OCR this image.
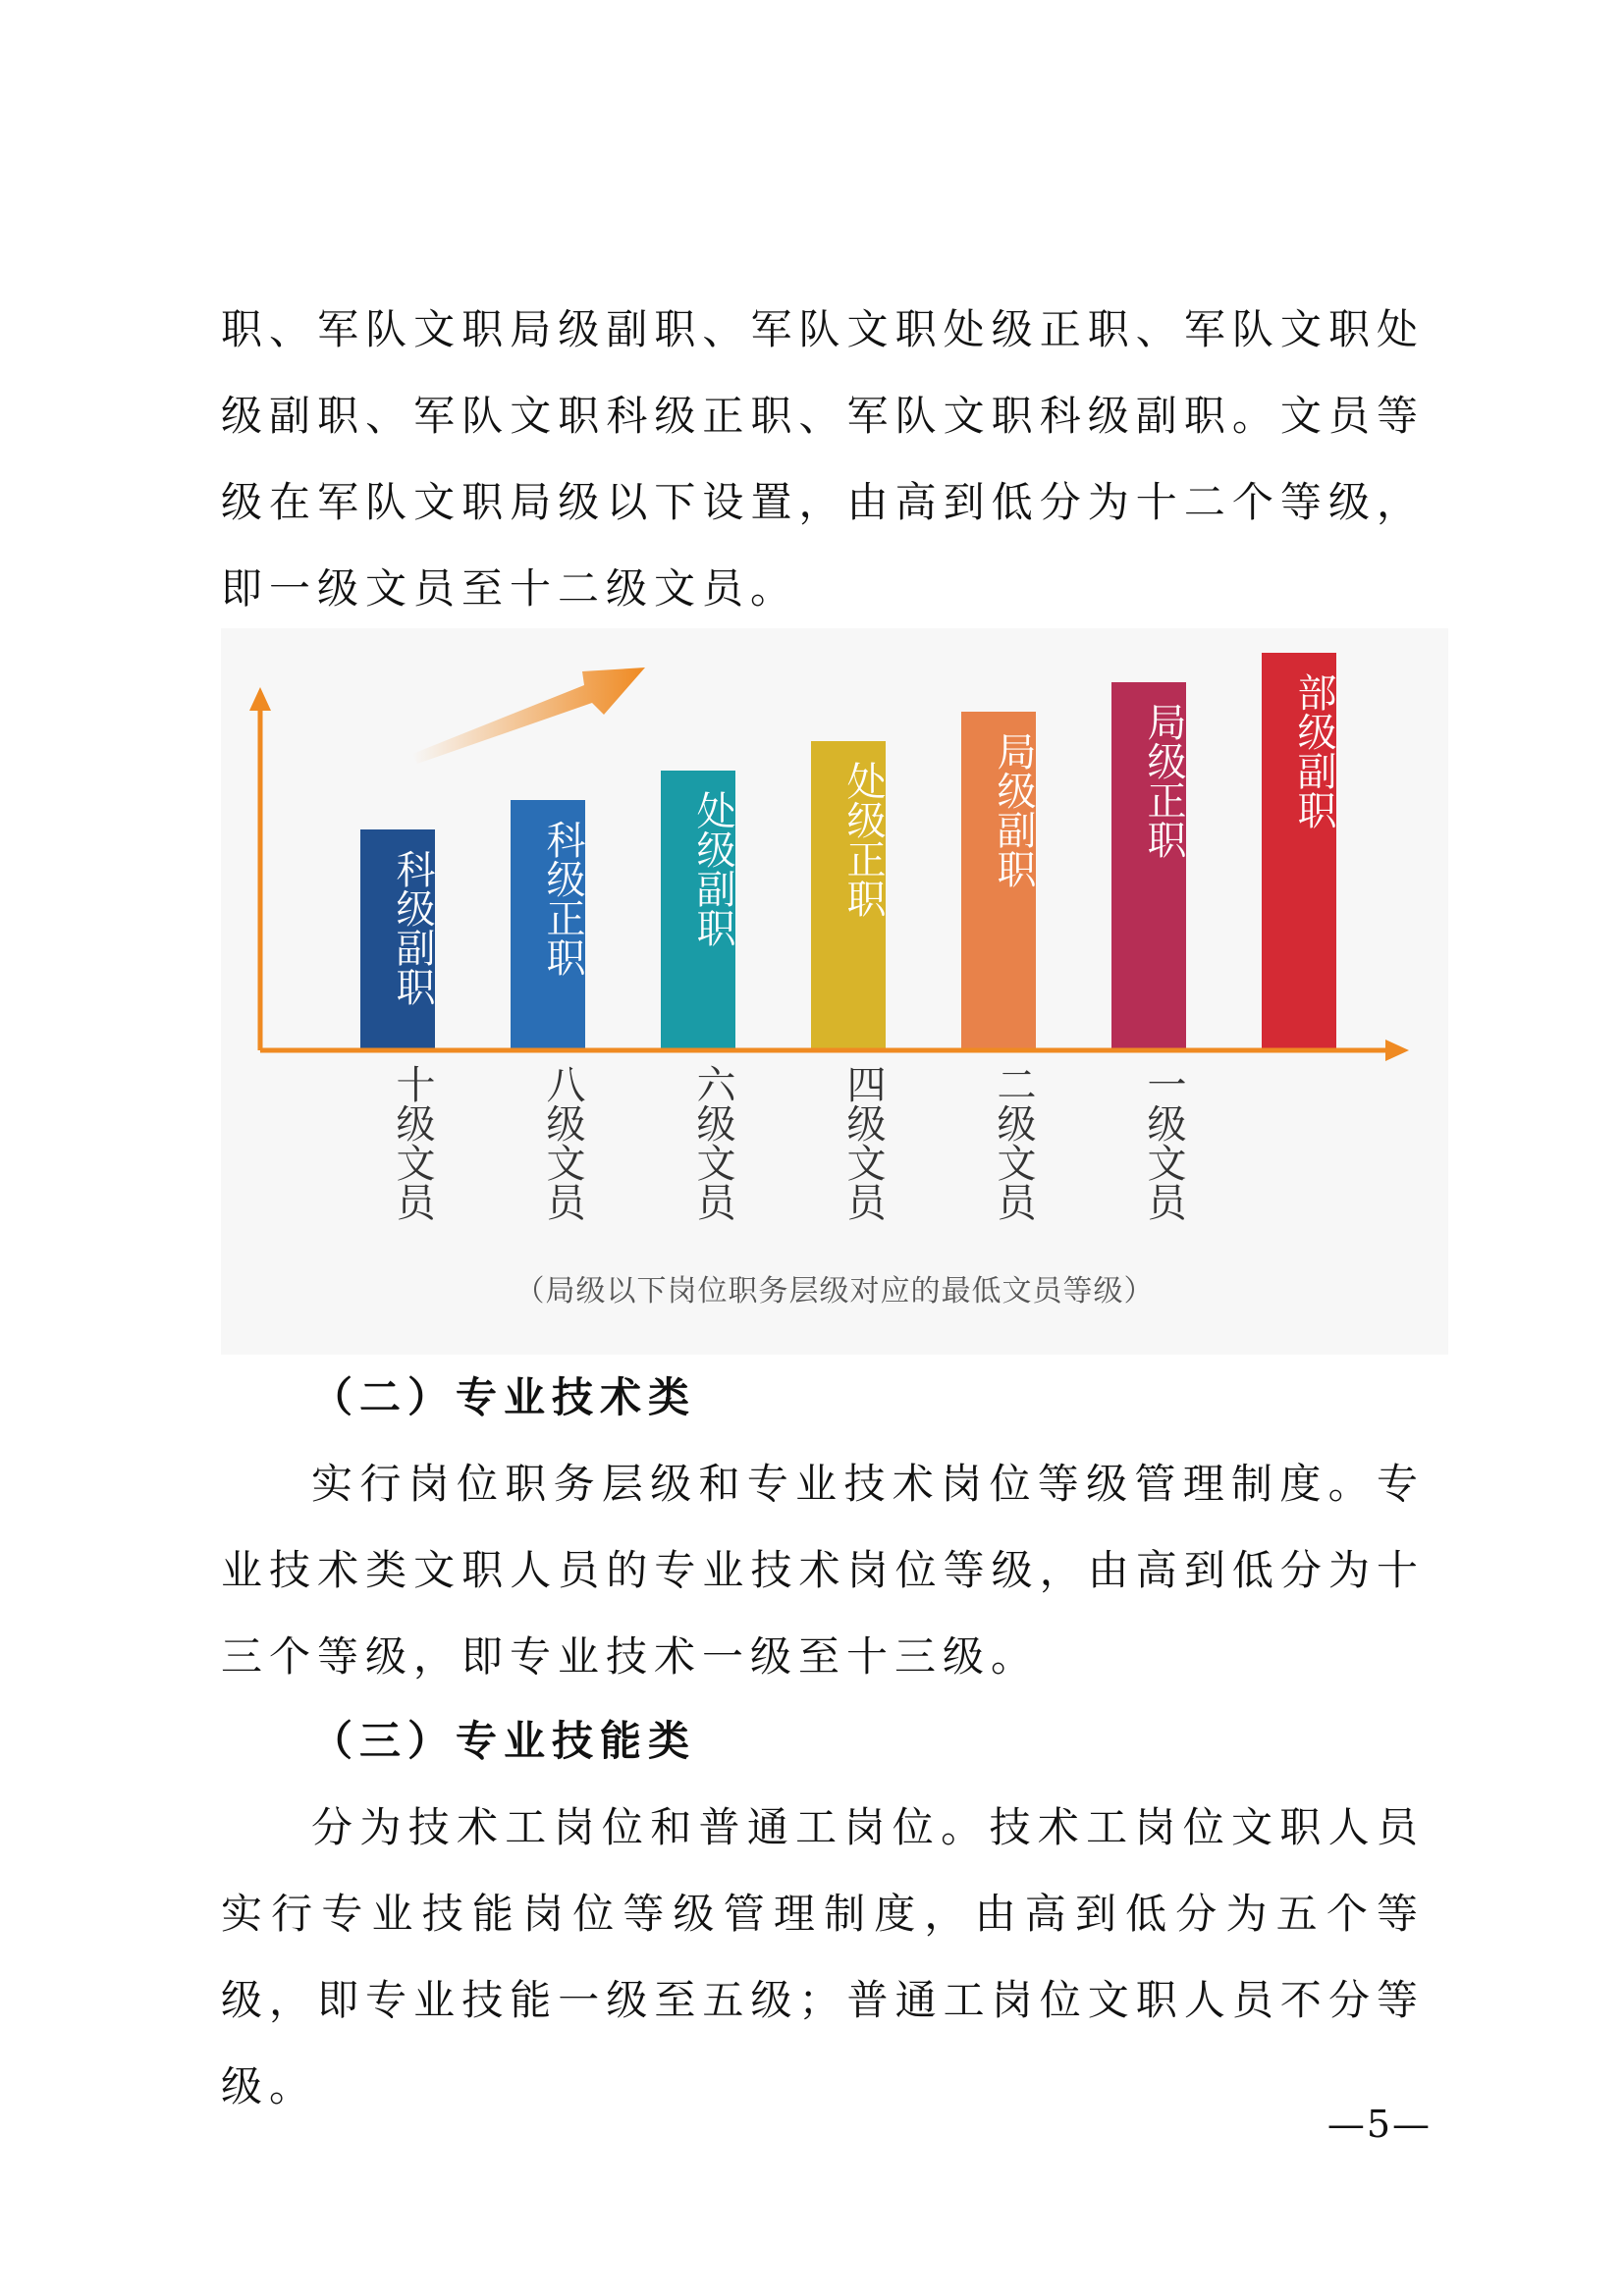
职、军队文职局级副职、军队文职处级正职、军队文职处级副职、军队文职科级正职、军队文职科级副职。文员等级在军队文职局级以下设置，由高到低分为十二个等级，即一级文员至十二级文员。

科级副职
十级文员
科级正职
八级文员
处级副职
六级文员
处级正职
四级文员
局级副职
二级文员
局级正职
一级文员
部级副职
（局级以下岗位职务层级对应的最低文员等级）

（二）专业技术类

实行岗位职务层级和专业技术岗位等级管理制度。专业技术类文职人员的专业技术岗位等级，由高到低分为十三个等级，即专业技术一级至十三级。

（三）专业技能类

分为技术工岗位和普通工岗位。技术工岗位文职人员实行专业技能岗位等级管理制度，由高到低分为五个等级，即专业技能一级至五级；普通工岗位文职人员不分等级。

—5—
